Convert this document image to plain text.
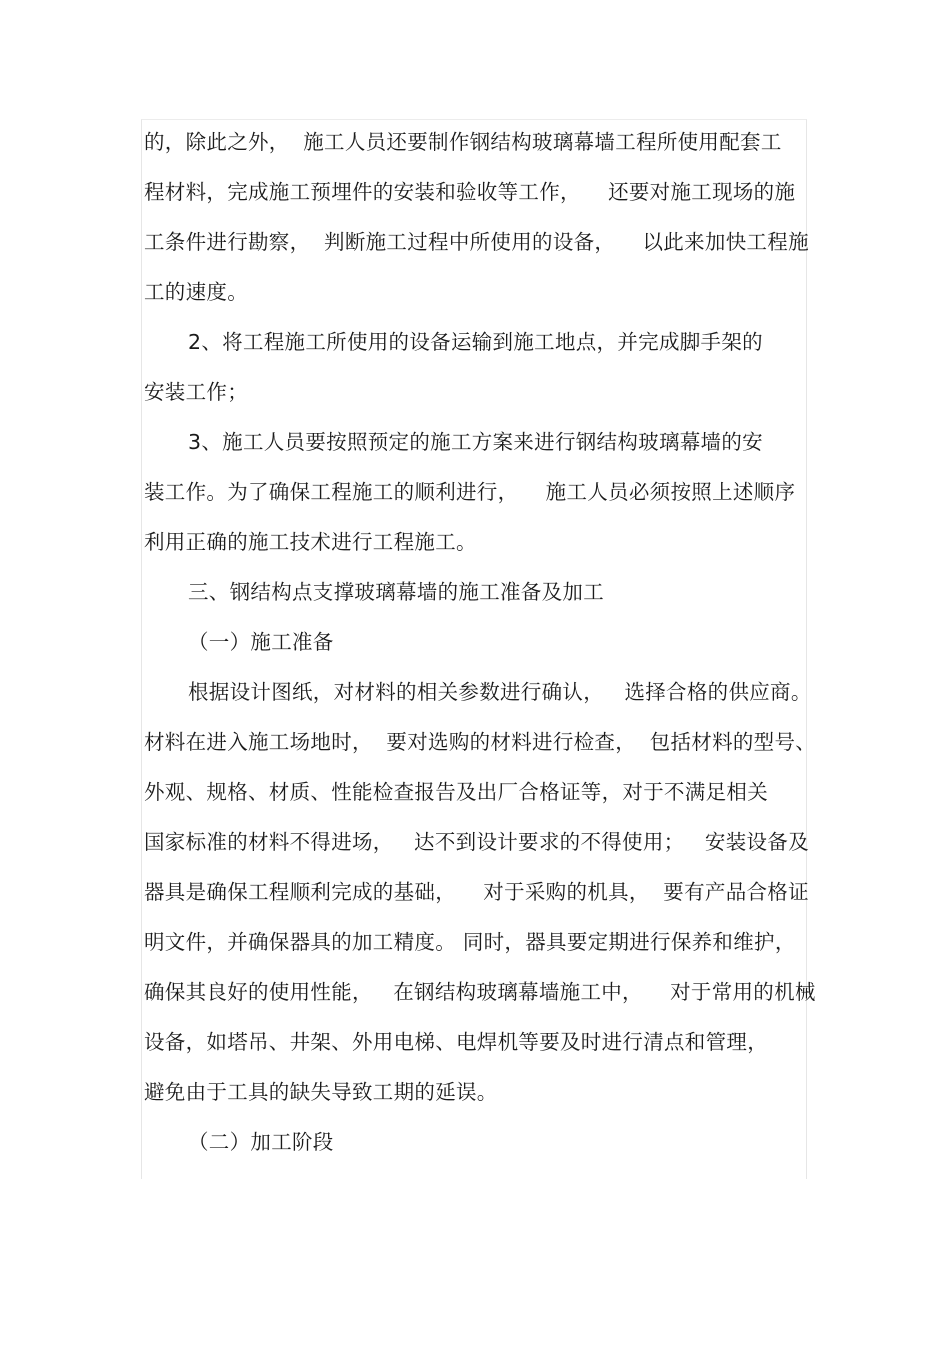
的，除此之外，  施工人员还要制作钢结构玻璃幕墙工程所使用配套工
程材料，完成施工预埋件的安装和验收等工作，    还要对施工现场的施
工条件进行勘察，  判断施工过程中所使用的设备，    以此来加快工程施
工的速度。
2、将工程施工所使用的设备运输到施工地点，并完成脚手架的
安装工作；
3、施工人员要按照预定的施工方案来进行钢结构玻璃幕墙的安
装工作。为了确保工程施工的顺利进行，    施工人员必须按照上述顺序
利用正确的施工技术进行工程施工。
三、钢结构点支撑玻璃幕墙的施工准备及加工
（一）施工准备
根据设计图纸，对材料的相关参数进行确认，   选择合格的供应商。
材料在进入施工场地时，  要对选购的材料进行检查，  包括材料的型号、
外观、规格、材质、性能检查报告及出厂合格证等，对于不满足相关
国家标准的材料不得进场，   达不到设计要求的不得使用；   安装设备及
器具是确保工程顺利完成的基础，    对于采购的机具，  要有产品合格证
明文件，并确保器具的加工精度。 同时，器具要定期进行保养和维护，
确保其良好的使用性能，   在钢结构玻璃幕墙施工中，    对于常用的机械
设备，如塔吊、井架、外用电梯、电焊机等要及时进行清点和管理，
避免由于工具的缺失导致工期的延误。
（二）加工阶段
